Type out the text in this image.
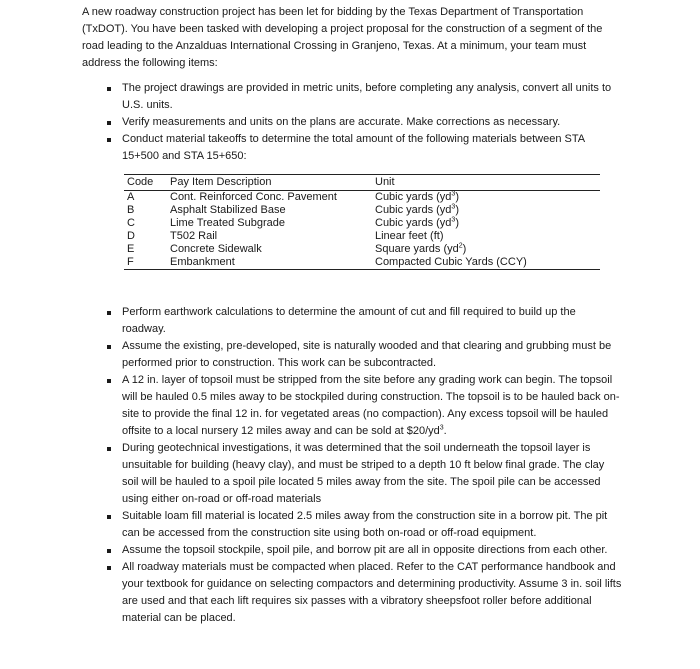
A new roadway construction project has been let for bidding by the Texas Department of Transportation (TxDOT). You have been tasked with developing a project proposal for the construction of a segment of the road leading to the Anzalduas International Crossing in Granjeno, Texas. At a minimum, your team must address the following items:

The project drawings are provided in metric units, before completing any analysis, convert all units to U.S. units.
Verify measurements and units on the plans are accurate. Make corrections as necessary.
Conduct material takeoffs to determine the total amount of the following materials between STA 15+500 and STA 15+650:
Code	Pay Item Description	Unit
A	Cont. Reinforced Conc. Pavement	Cubic yards $(yd^3)$
B	Asphalt Stabilized Base	Cubic yards $(yd^3)$
C	Lime Treated Subgrade	Cubic yards $(yd^3)$
D	T502 Rail	Linear feet (ft)
E	Concrete Sidewalk	Square yards $(yd^2)$
F	Embankment	Compacted Cubic Yards (CCY)
Perform earthwork calculations to determine the amount of cut and fill required to build up the roadway.
Assume the existing, pre-developed, site is naturally wooded and that clearing and grubbing must be performed prior to construction. This work can be subcontracted.
A 12 in. layer of topsoil must be stripped from the site before any grading work can begin. The topsoil will be hauled 0.5 miles away to be stockpiled during construction. The topsoil is to be hauled back on-site to provide the final 12 in. for vegetated areas (no compaction). Any excess topsoil will be hauled offsite to a local nursery 12 miles away and can be sold at $\$20/yd^3$.
During geotechnical investigations, it was determined that the soil underneath the topsoil layer is unsuitable for building (heavy clay), and must be striped to a depth 10 ft below final grade. The clay soil will be hauled to a spoil pile located 5 miles away from the site. The spoil pile can be accessed using either on-road or off-road materials
Suitable loam fill material is located 2.5 miles away from the construction site in a borrow pit. The pit can be accessed from the construction site using both on-road or off-road equipment.
Assume the topsoil stockpile, spoil pile, and borrow pit are all in opposite directions from each other.
All roadway materials must be compacted when placed. Refer to the CAT performance handbook and your textbook for guidance on selecting compactors and determining productivity. Assume 3 in. soil lifts are used and that each lift requires six passes with a vibratory sheepsfoot roller before additional material can be placed.
